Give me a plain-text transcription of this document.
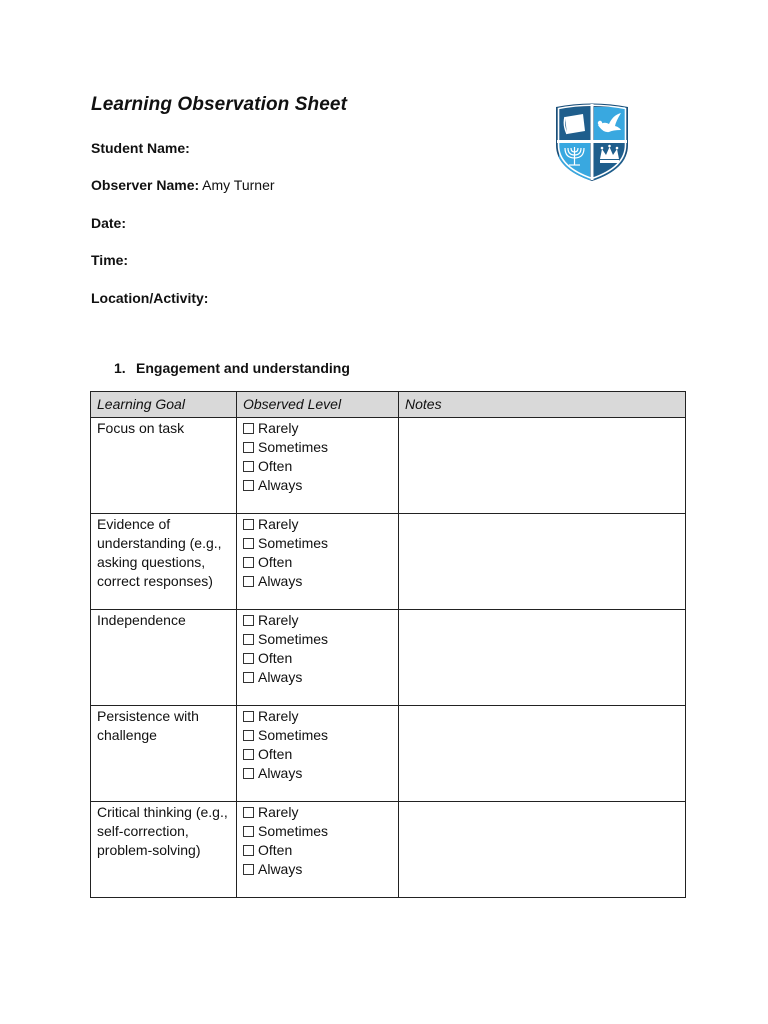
Learning Observation Sheet
Student Name:
Observer Name: Amy Turner
Date:
Time:
Location/Activity:
1. Engagement and understanding
Learning Goal	Observed Level	Notes
Focus on task	Rarely
Sometimes
Often
Always	

Evidence of understanding (e.g., asking questions, correct responses)	Rarely
Sometimes
Often
Always	

Independence	Rarely
Sometimes
Often
Always	

Persistence with challenge	Rarely
Sometimes
Often
Always	

Critical thinking (e.g., self-correction, problem-solving)	Rarely
Sometimes
Often
Always	
